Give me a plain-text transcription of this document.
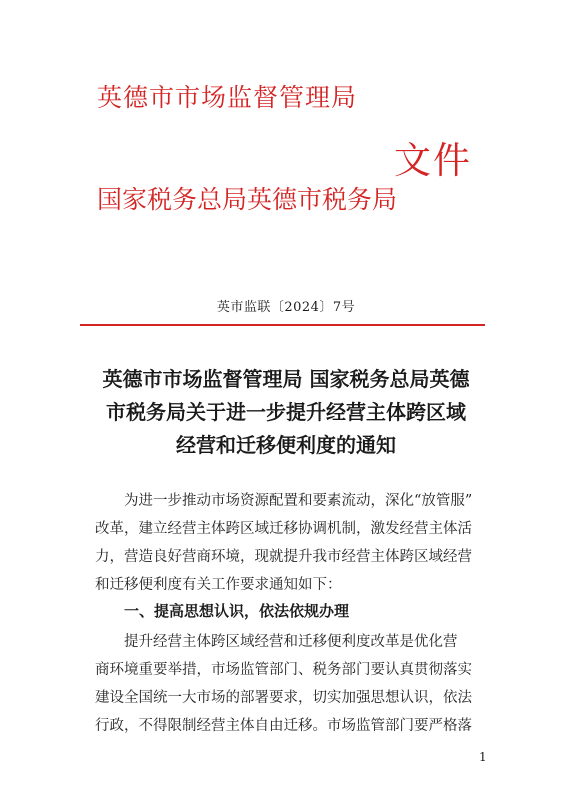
英德市市场监督管理局
文件
国家税务总局英德市税务局
英市监联〔2024〕7号
英德市市场监督管理局 国家税务总局英德
市税务局关于进一步提升经营主体跨区域
经营和迁移便利度的通知
为进一步推动市场资源配置和要素流动，深化“放管服”
改革，建立经营主体跨区域迁移协调机制，激发经营主体活
力，营造良好营商环境，现就提升我市经营主体跨区域经营
和迁移便利度有关工作要求通知如下：
一、提高思想认识，依法依规办理
提升经营主体跨区域经营和迁移便利度改革是优化营
商环境重要举措，市场监管部门、税务部门要认真贯彻落实
建设全国统一大市场的部署要求，切实加强思想认识，依法
行政，不得限制经营主体自由迁移。市场监管部门要严格落
1
